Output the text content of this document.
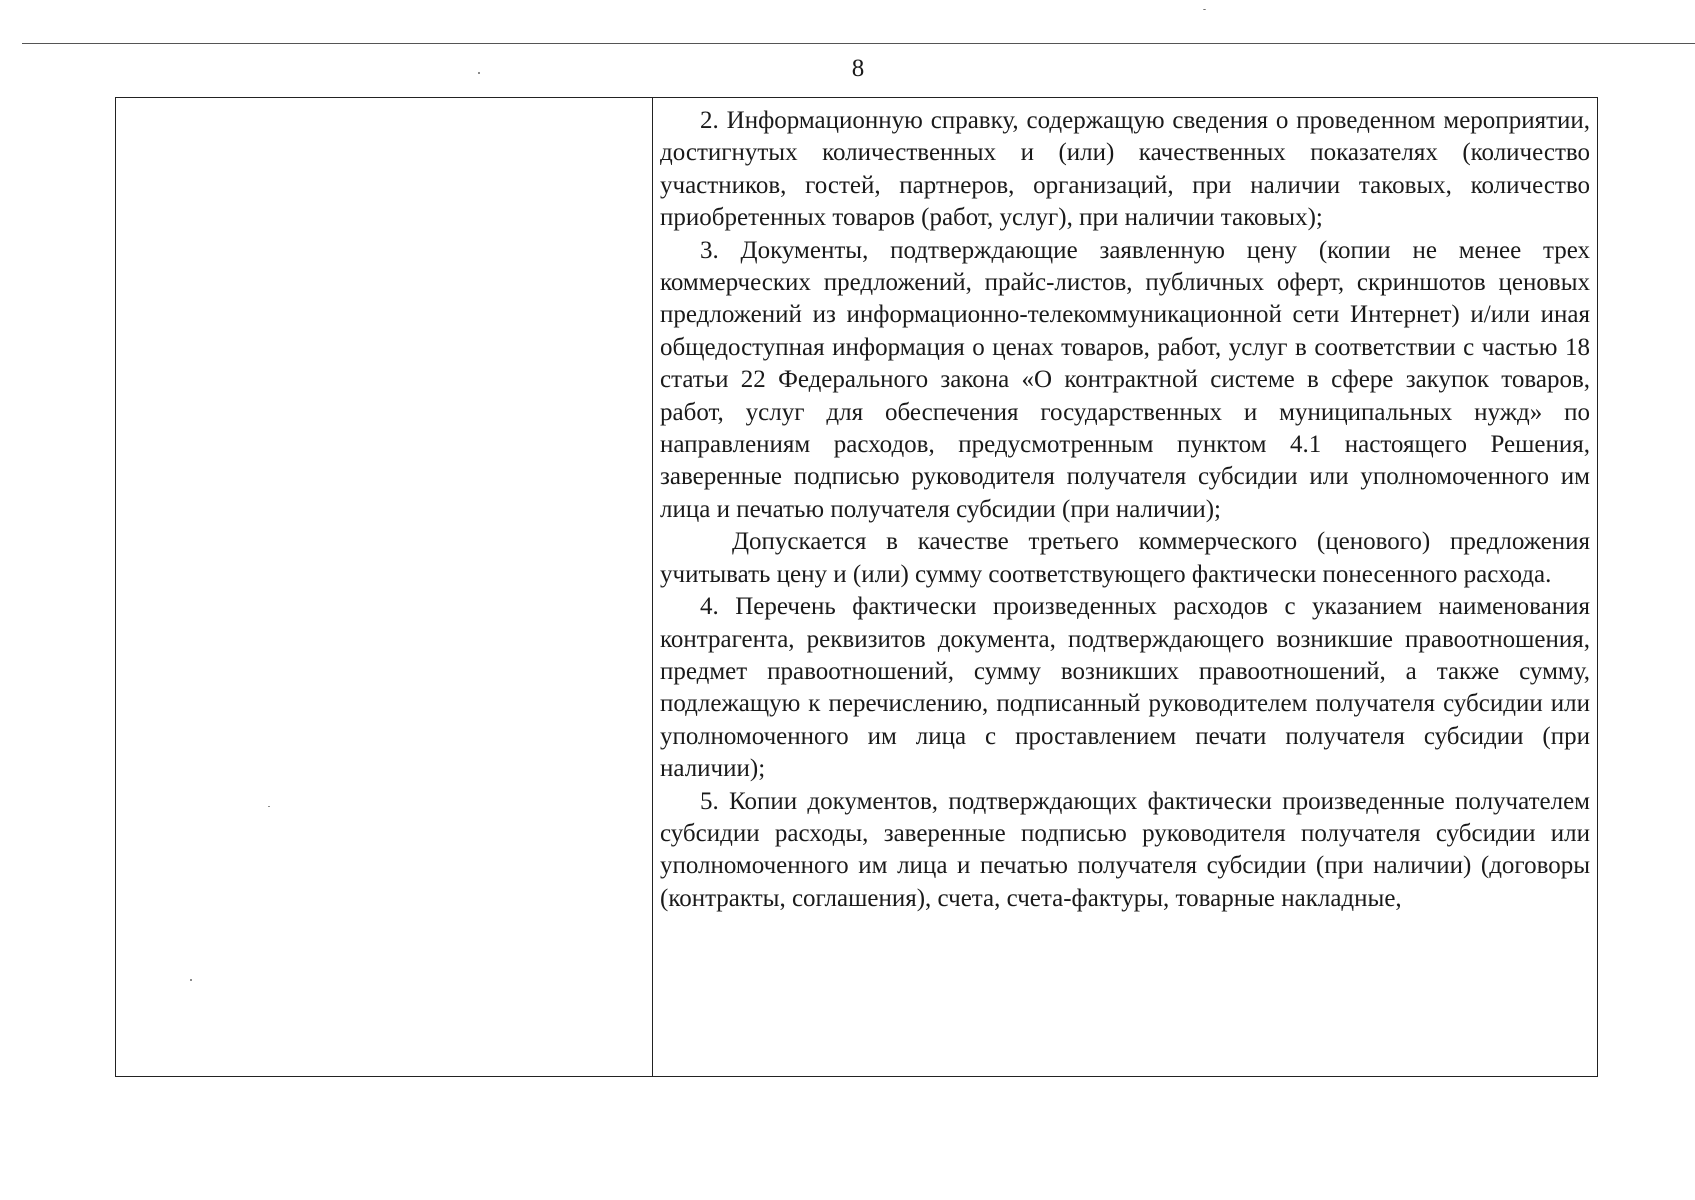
8

2. Информационную справку, содержащую сведения о проведенном мероприятии, достигнутых количественных и (или) качественных показателях (количество участников, гостей, партнеров, организаций, при наличии таковых, количество приобретенных товаров (работ, услуг), при наличии таковых);

3. Документы, подтверждающие заявленную цену (копии не менее трех коммерческих предложений, прайс-листов, публичных оферт, скриншотов ценовых предложений из информационно-телекоммуникационной сети Интернет) и/или иная общедоступная информация о ценах товаров, работ, услуг в соответствии с частью 18 статьи 22 Федерального закона «О контрактной системе в сфере закупок товаров, работ, услуг для обеспечения государственных и муниципальных нужд» по направлениям расходов, предусмотренным пунктом 4.1 настоящего Решения, заверенные подписью руководителя получателя субсидии или уполномоченного им лица и печатью получателя субсидии (при наличии);

Допускается в качестве третьего коммерческого (ценового) предложения учитывать цену и (или) сумму соответствующего фактически понесенного расхода.

4. Перечень фактически произведенных расходов с указанием наименования контрагента, реквизитов документа, подтверждающего возникшие правоотношения, предмет правоотношений, сумму возникших правоотношений, а также сумму, подлежащую к перечислению, подписанный руководителем получателя субсидии или уполномоченного им лица с проставлением печати получателя субсидии (при наличии);

5. Копии документов, подтверждающих фактически произведенные получателем субсидии расходы, заверенные подписью руководителя получателя субсидии или уполномоченного им лица и печатью получателя субсидии (при наличии) (договоры (контракты, соглашения), счета, счета-фактуры, товарные накладные,
